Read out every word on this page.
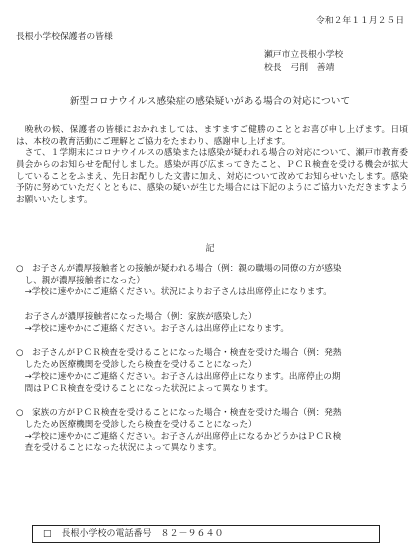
令和２年１１月２５日
長根小学校保護者の皆様
瀬戸市立長根小学校
校長　弓削　善靖
新型コロナウイルス感染症の感染疑いがある場合の対応について

　晩秋の候、保護者の皆様におかれましては、ますますご健勝のこととお喜び申し上げます。日頃は、本校の教育活動にご理解とご協力をたまわり、感謝申し上げます。

　さて、１学期末にコロナウイルスの感染または感染が疑われる場合の対応について、瀬戸市教育委員会からのお知らせを配付しました。感染が再び広まってきたこと、ＰＣＲ検査を受ける機会が拡大していることをふまえ、先日お配りした文書に加え、対応について改めてお知らせいたします。感染予防に努めていただくとともに、感染の疑いが生じた場合には下記のようにご協力いただきますようお願いいたします。

記
○　お子さんが濃厚接触者との接触が疑われる場合（例：親の職場の同僚の方が感染
　し、親が濃厚接触者になった）
　→学校に速やかにご連絡ください。状況によりお子さんは出席停止になります。
　お子さんが濃厚接触者になった場合（例：家族が感染した）
　→学校に速やかにご連絡ください。お子さんは出席停止になります。
○　お子さんがＰＣＲ検査を受けることになった場合・検査を受けた場合（例：発熱
　したため医療機関を受診したら検査を受けることになった）
　→学校に速やかにご連絡ください。お子さんは出席停止になります。出席停止の期
　間はＰＣＲ検査を受けることになった状況によって異なります。
○　家族の方がＰＣＲ検査を受けることになった場合・検査を受けた場合（例：発熱
　したため医療機関を受診したら検査を受けることになった）
　→学校に速やかにご連絡ください。お子さんが出席停止になるかどうかはＰＣＲ検
　査を受けることになった状況によって異なります。
□ 長根小学校の電話番号　８２－９６４０
